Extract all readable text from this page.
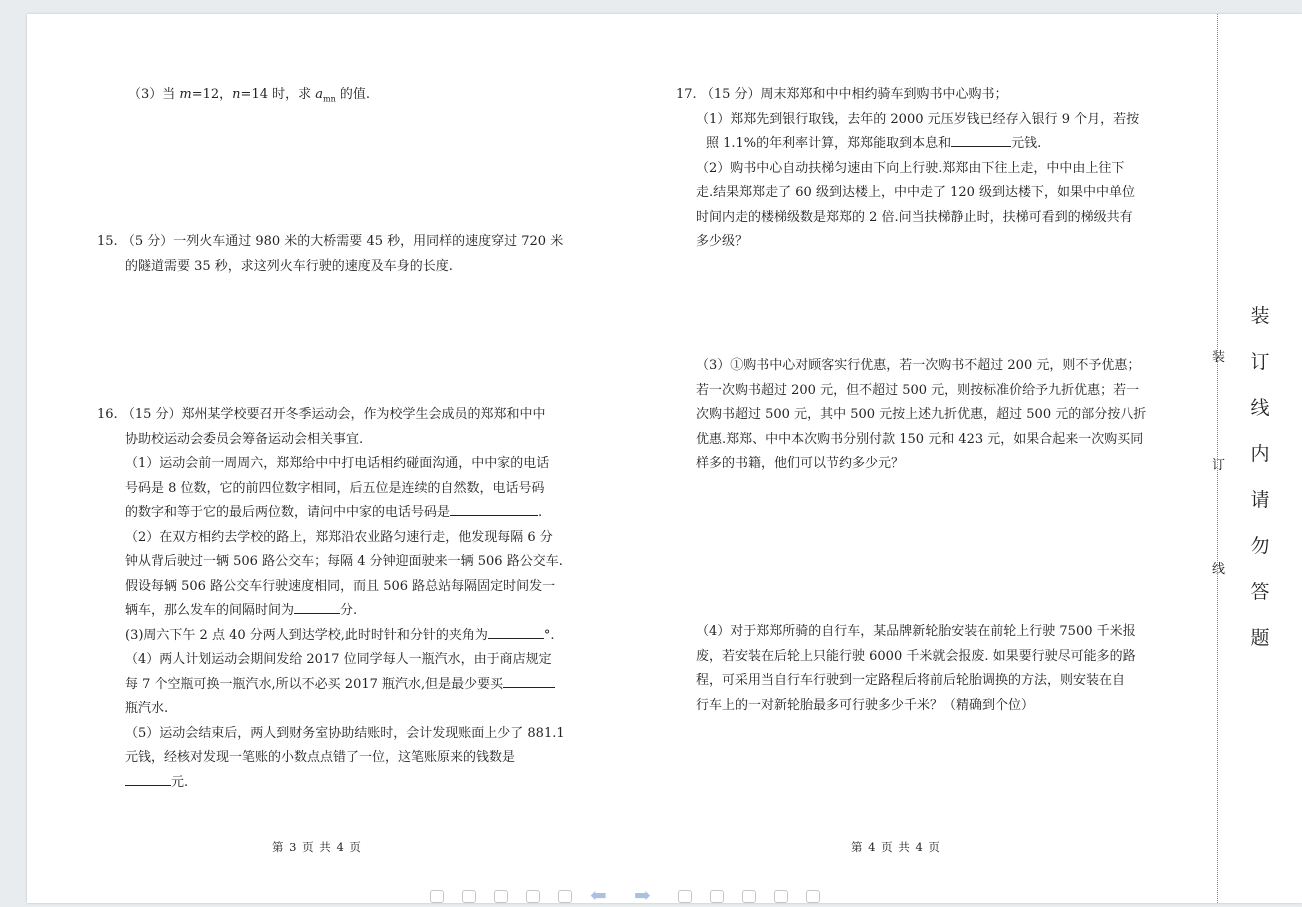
（3）当 m=12，n=14 时，求 $a_{mn}$ 的值.
15. （5 分）一列火车通过 980 米的大桥需要 45 秒，用同样的速度穿过 720 米
的隧道需要 35 秒，求这列火车行驶的速度及车身的长度.
16. （15 分）郑州某学校要召开冬季运动会，作为校学生会成员的郑郑和中中
协助校运动会委员会筹备运动会相关事宜.
（1）运动会前一周周六，郑郑给中中打电话相约碰面沟通，中中家的电话
号码是 8 位数，它的前四位数字相同，后五位是连续的自然数，电话号码
的数字和等于它的最后两位数，请问中中家的电话号码是	.
（2）在双方相约去学校的路上，郑郑沿农业路匀速行走，他发现每隔 6 分
钟从背后驶过一辆 506 路公交车；每隔 4 分钟迎面驶来一辆 506 路公交车.
假设每辆 506 路公交车行驶速度相同，而且 506 路总站每隔固定时间发一
辆车，那么发车的间隔时间为	分.
(3)周六下午 2 点 40 分两人到达学校,此时时针和分针的夹角为	°.
（4）两人计划运动会期间发给 2017 位同学每人一瓶汽水，由于商店规定
每 7 个空瓶可换一瓶汽水,所以不必买 2017 瓶汽水,但是最少要买
瓶汽水.
（5）运动会结束后，两人到财务室协助结账时，会计发现账面上少了 881.1
元钱，经核对发现一笔账的小数点点错了一位，这笔账原来的钱数是
元.
第 3 页 共 4 页
17. （15 分）周末郑郑和中中相约骑车到购书中心购书；
（1）郑郑先到银行取钱，去年的 2000 元压岁钱已经存入银行 9 个月，若按
照 1.1%的年利率计算，郑郑能取到本息和	元钱.
（2）购书中心自动扶梯匀速由下向上行驶.郑郑由下往上走，中中由上往下
走.结果郑郑走了 60 级到达楼上，中中走了 120 级到达楼下，如果中中单位
时间内走的楼梯级数是郑郑的 2 倍.问当扶梯静止时，扶梯可看到的梯级共有
多少级？
（3）①购书中心对顾客实行优惠，若一次购书不超过 200 元，则不予优惠；
若一次购书超过 200 元，但不超过 500 元，则按标准价给予九折优惠；若一
次购书超过 500 元，其中 500 元按上述九折优惠，超过 500 元的部分按八折
优惠.郑郑、中中本次购书分别付款 150 元和 423 元，如果合起来一次购买同
样多的书籍，他们可以节约多少元？
（4）对于郑郑所骑的自行车，某品牌新轮胎安装在前轮上行驶 7500 千米报
废，若安装在后轮上只能行驶 6000 千米就会报废. 如果要行驶尽可能多的路
程，可采用当自行车行驶到一定路程后将前后轮胎调换的方法，则安装在自
行车上的一对新轮胎最多可行驶多少千米？（精确到个位）
第 4 页 共 4 页
装
订
线
装
订
线
内
请
勿
答
题
⬅	➡
